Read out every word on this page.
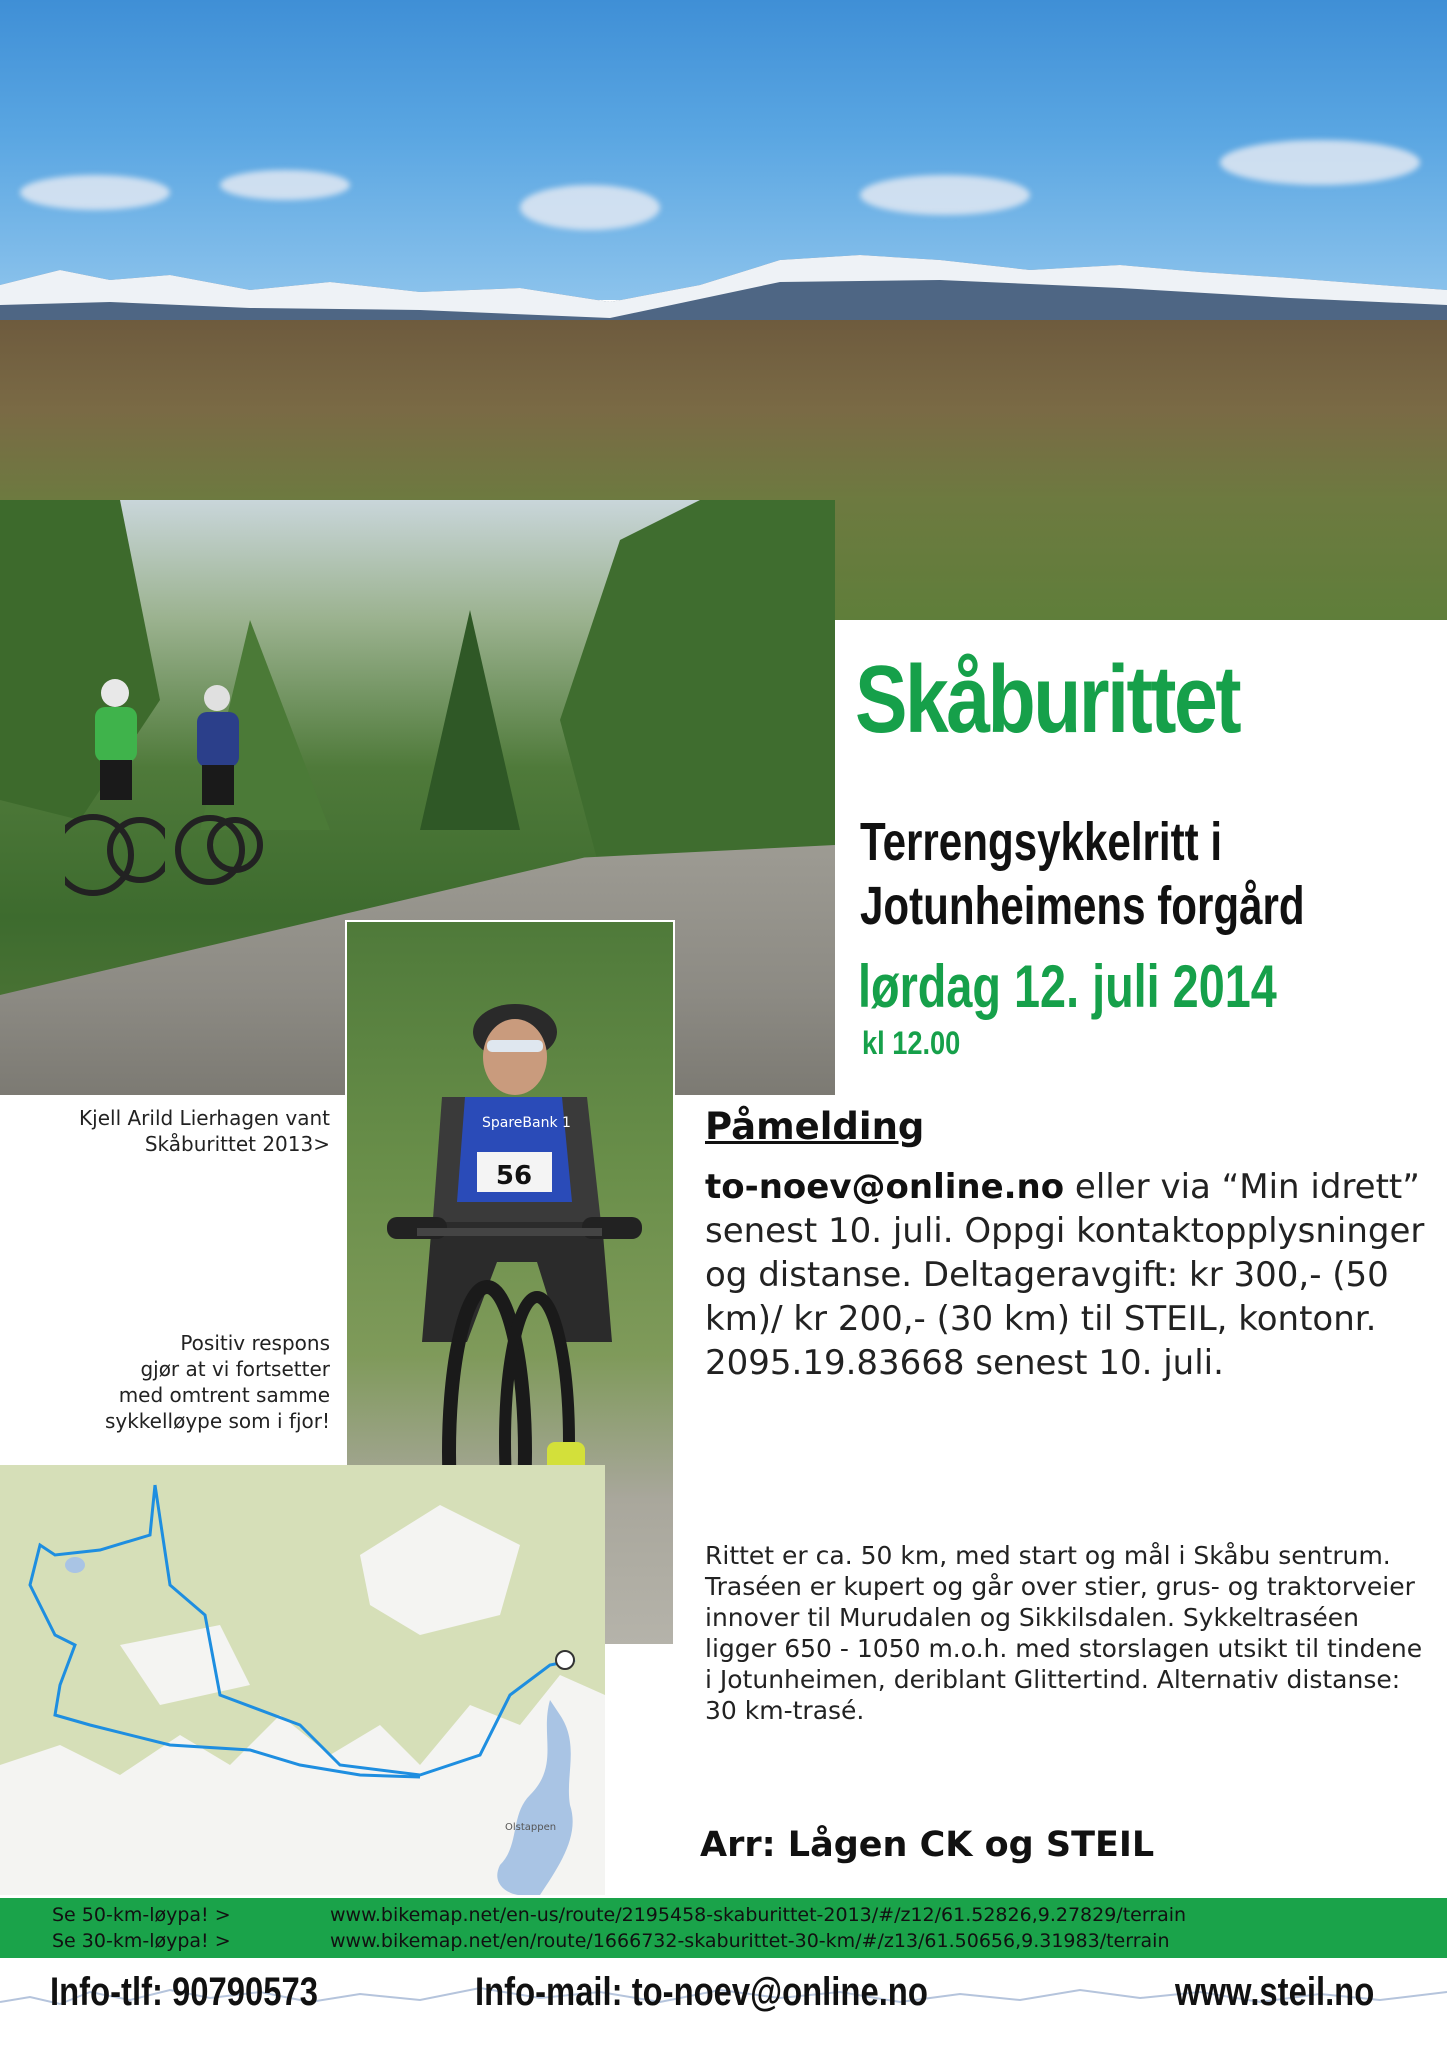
56
SpareBank 1
Olstappen
Kjell Arild Lierhagen vant
Skåburittet 2013>
Positiv respons
gjør at vi fortsetter
med omtrent samme
sykkelløype som i fjor!
Skåburittet
Terrengsykkelritt i
Jotunheimens forgård
lørdag 12. juli 2014
kl 12.00
Påmelding
to-noev@online.no eller via “Min idrett” senest 10. juli. Oppgi kontaktopplysninger og distanse. Deltageravgift: kr 300,- (50 km)/ kr 200,- (30 km) til STEIL, kontonr. 2095.19.83668 senest 10. juli.
Rittet er ca. 50 km, med start og mål i Skåbu sentrum. Traséen er kupert og går over stier, grus- og traktorveier innover til Murudalen og Sikkilsdalen. Sykkeltraséen ligger 650 - 1050 m.o.h. med storslagen utsikt til tindene i Jotunheimen, deriblant Glittertind. Alternativ distanse: 30 km-trasé.
Arr: Lågen CK og STEIL
Se 50-km-løypa! >	www.bikemap.net/en-us/route/2195458-skaburittet-2013/#/z12/61.52826,9.27829/terrain
Se 30-km-løypa! >	www.bikemap.net/en/route/1666732-skaburittet-30-km/#/z13/61.50656,9.31983/terrain
Info-tlf: 90790573	Info-mail: to-noev@online.no	www.steil.no
